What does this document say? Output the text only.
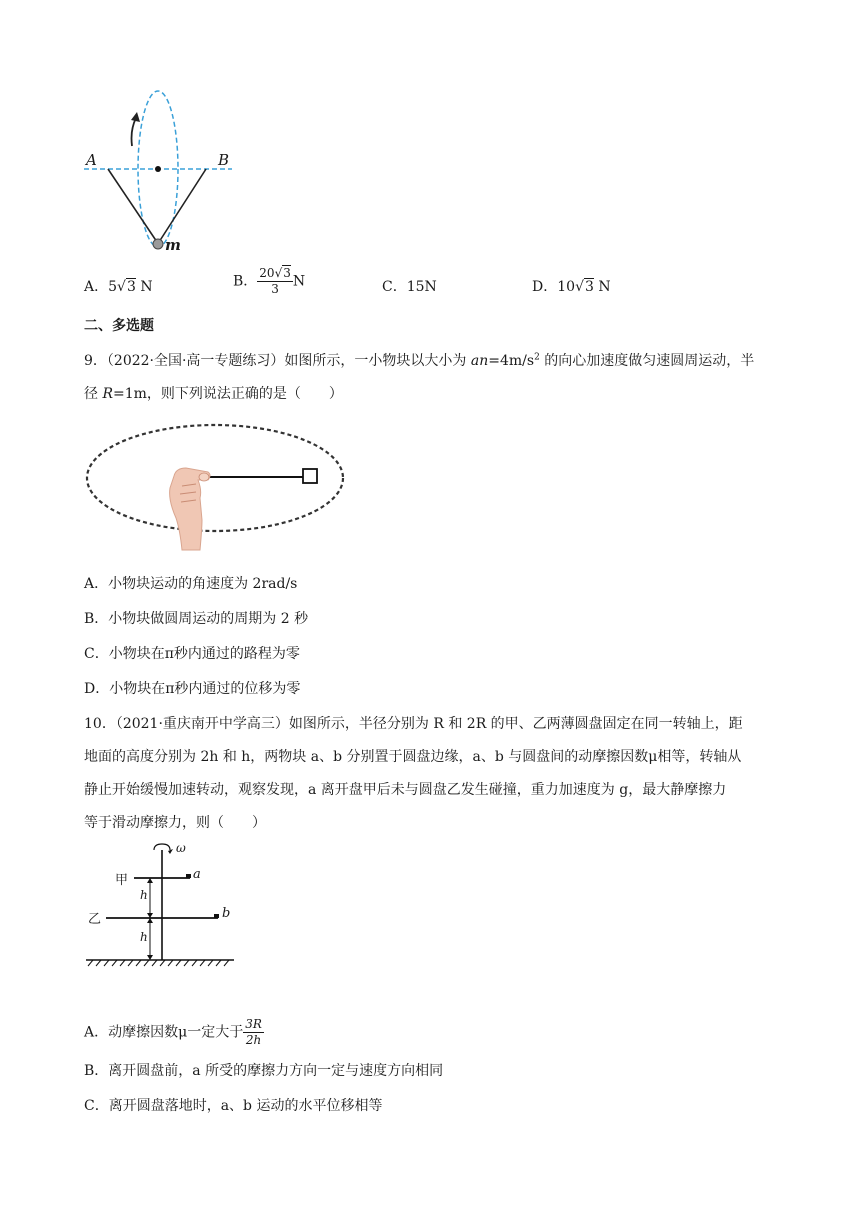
A	B
m
A．5√3 N	B． $\frac{20√3}{3}$ N	C．15N	D．10√3 N
二、多选题
9．（2022·全国·高一专题练习）如图所示，一小物块以大小为 $an=4m/s^2$ 的向心加速度做匀速圆周运动，半
径 R=1m，则下列说法正确的是（　　）
A．小物块运动的角速度为 2rad/s
B．小物块做圆周运动的周期为 2 秒
C．小物块在π秒内通过的路程为零
D．小物块在π秒内通过的位移为零
10．（2021·重庆南开中学高三）如图所示，半径分别为 R 和 2R 的甲、乙两薄圆盘固定在同一转轴上，距
地面的高度分别为 2h 和 h，两物块 a、b 分别置于圆盘边缘，a、b 与圆盘间的动摩擦因数μ相等，转轴从
静止开始缓慢加速转动，观察发现，a 离开盘甲后未与圆盘乙发生碰撞，重力加速度为 g，最大静摩擦力
等于滑动摩擦力，则（　　）
ω
甲	a
h
乙	b
h
A．动摩擦因数μ一定大于 $\frac{3R}{2h}$
B．离开圆盘前，a 所受的摩擦力方向一定与速度方向相同
C．离开圆盘落地时，a、b 运动的水平位移相等
